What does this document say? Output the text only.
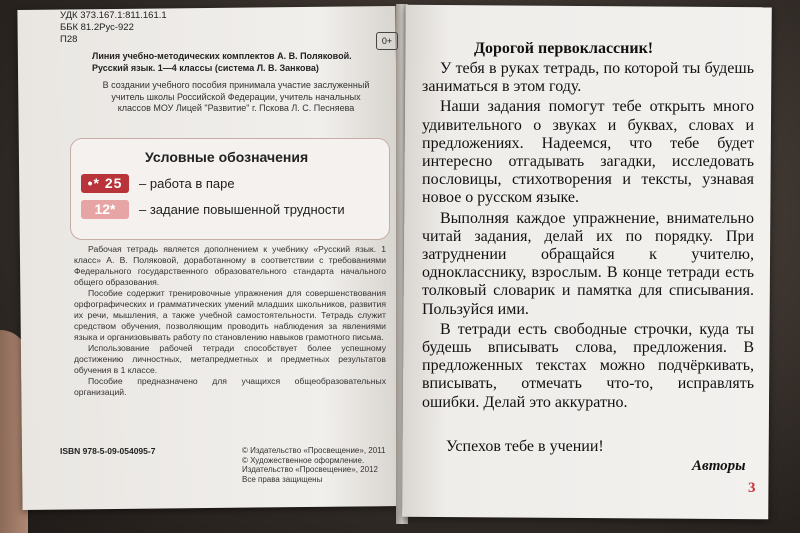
УДК 373.167.1:811.161.1
ББК 81.2Рус-922
П28	0+
Линия учебно-методических комплектов А. В. Поляковой. Русский язык. 1—4 классы (система Л. В. Занкова)
В создании учебного пособия принимала участие заслуженный учитель школы Российской Федерации, учитель начальных классов МОУ Лицей "Развитие" г. Пскова Л. С. Песняева
Условные обозначения
•* 25	– работа в паре
12*	– задание повышенной трудности

Рабочая тетрадь является дополнением к учебнику «Русский язык. 1 класс» А. В. Поляковой, доработанному в соответствии с требованиями Федерального государственного образовательного стандарта начального общего образования.

Пособие содержит тренировочные упражнения для совершенствования орфографических и грамматических умений младших школьников, развития их речи, мышления, а также учебной самостоятельности. Тетрадь служит средством обучения, позволяющим проводить наблюдения за явлениями языка и организовывать работу по становлению навыков грамотного письма.

Использование рабочей тетради способствует более успешному достижению личностных, метапредметных и предметных результатов обучения в 1 классе.

Пособие предназначено для учащихся общеобразовательных организаций.

ISBN 978-5-09-054095-7	© Издательство «Просвещение», 2011
© Художественное оформление.
Издательство «Просвещение», 2012
Все права защищены
Дорогой первоклассник!

У тебя в руках тетрадь, по которой ты будешь заниматься в этом году.

Наши задания помогут тебе открыть много удивительного о звуках и буквах, словах и предложениях. Надеемся, что тебе будет интересно отгадывать загадки, исследовать пословицы, стихотворения и тексты, узнавая новое о русском языке.

Выполняя каждое упражнение, внимательно читай задания, делай их по порядку. При затруднении обращайся к учителю, однокласснику, взрослым. В конце тетради есть толковый словарик и памятка для списывания. Пользуйся ими.

В тетради есть свободные строчки, куда ты будешь вписывать слова, предложения. В предложенных текстах можно подчёркивать, вписывать, отмечать что-то, исправлять ошибки. Делай это аккуратно.

Успехов тебе в учении!
Авторы
3
